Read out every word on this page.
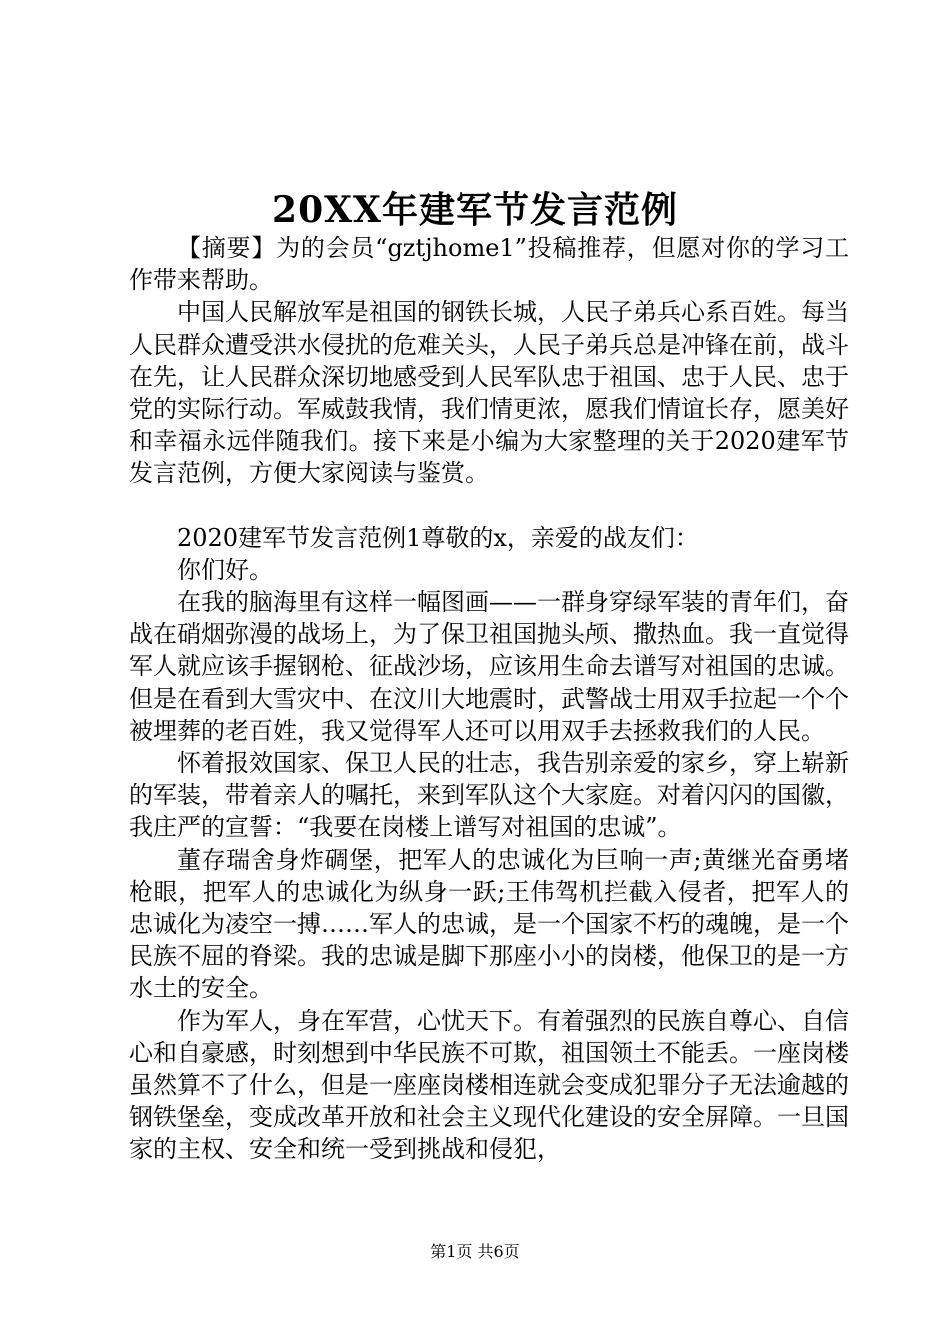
20XX年建军节发言范例

【摘要】为的会员“gztjhome1”投稿推荐，但愿对你的学习工作带来帮助。

中国人民解放军是祖国的钢铁长城，人民子弟兵心系百姓。每当人民群众遭受洪水侵扰的危难关头，人民子弟兵总是冲锋在前，战斗在先，让人民群众深切地感受到人民军队忠于祖国、忠于人民、忠于党的实际行动。军威鼓我情，我们情更浓，愿我们情谊长存，愿美好和幸福永远伴随我们。接下来是小编为大家整理的关于2020建军节发言范例，方便大家阅读与鉴赏。

2020建军节发言范例1尊敬的x，亲爱的战友们：

你们好。

在我的脑海里有这样一幅图画——一群身穿绿军装的青年们，奋战在硝烟弥漫的战场上，为了保卫祖国抛头颅、撒热血。我一直觉得军人就应该手握钢枪、征战沙场，应该用生命去谱写对祖国的忠诚。但是在看到大雪灾中、在汶川大地震时，武警战士用双手拉起一个个被埋葬的老百姓，我又觉得军人还可以用双手去拯救我们的人民。

怀着报效国家、保卫人民的壮志，我告别亲爱的家乡，穿上崭新的军装，带着亲人的嘱托，来到军队这个大家庭。对着闪闪的国徽，我庄严的宣誓：“我要在岗楼上谱写对祖国的忠诚”。

董存瑞舍身炸碉堡，把军人的忠诚化为巨响一声;黄继光奋勇堵枪眼，把军人的忠诚化为纵身一跃;王伟驾机拦截入侵者，把军人的忠诚化为凌空一搏……军人的忠诚，是一个国家不朽的魂魄，是一个民族不屈的脊梁。我的忠诚是脚下那座小小的岗楼，他保卫的是一方水土的安全。

作为军人，身在军营，心忧天下。有着强烈的民族自尊心、自信心和自豪感，时刻想到中华民族不可欺，祖国领土不能丢。一座岗楼虽然算不了什么，但是一座座岗楼相连就会变成犯罪分子无法逾越的钢铁堡垒，变成改革开放和社会主义现代化建设的安全屏障。一旦国家的主权、安全和统一受到挑战和侵犯，

第1页 共6页
